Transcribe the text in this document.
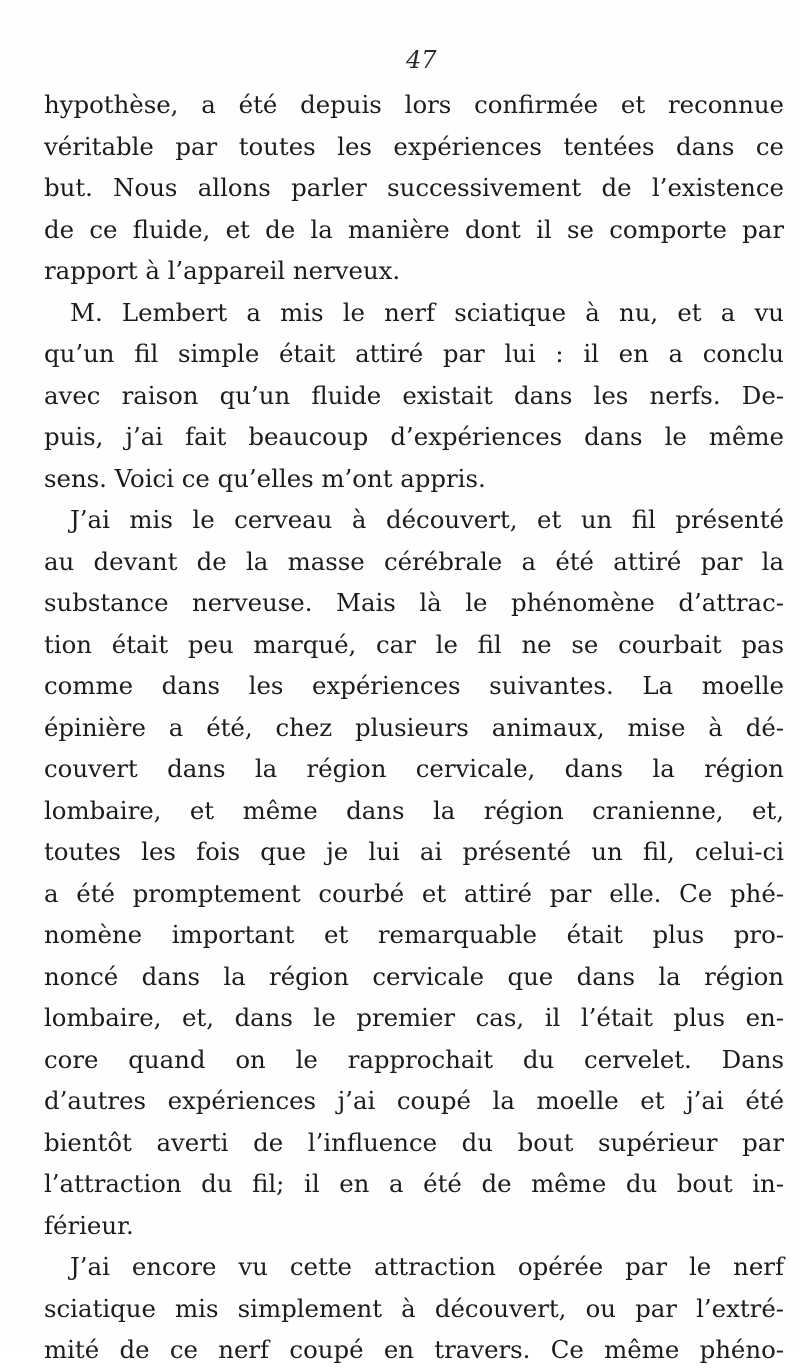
47
hypothèse, a été depuis lors confirmée et reconnue
véritable par toutes les expériences tentées dans ce
but. Nous allons parler successivement de l’existence
de ce fluide, et de la manière dont il se comporte par
rapport à l’appareil nerveux.
M. Lembert a mis le nerf sciatique à nu, et a vu
qu’un fil simple était attiré par lui : il en a conclu
avec raison qu’un fluide existait dans les nerfs. De-
puis, j’ai fait beaucoup d’expériences dans le même
sens. Voici ce qu’elles m’ont appris.
J’ai mis le cerveau à découvert, et un fil présenté
au devant de la masse cérébrale a été attiré par la
substance nerveuse. Mais là le phénomène d’attrac-
tion était peu marqué, car le fil ne se courbait pas
comme dans les expériences suivantes. La moelle
épinière a été, chez plusieurs animaux, mise à dé-
couvert dans la région cervicale, dans la région
lombaire, et même dans la région cranienne, et,
toutes les fois que je lui ai présenté un fil, celui-ci
a été promptement courbé et attiré par elle. Ce phé-
nomène important et remarquable était plus pro-
noncé dans la région cervicale que dans la région
lombaire, et, dans le premier cas, il l’était plus en-
core quand on le rapprochait du cervelet. Dans
d’autres expériences j’ai coupé la moelle et j’ai été
bientôt averti de l’influence du bout supérieur par
l’attraction du fil; il en a été de même du bout in-
férieur.
J’ai encore vu cette attraction opérée par le nerf
sciatique mis simplement à découvert, ou par l’extré-
mité de ce nerf coupé en travers. Ce même phéno-
